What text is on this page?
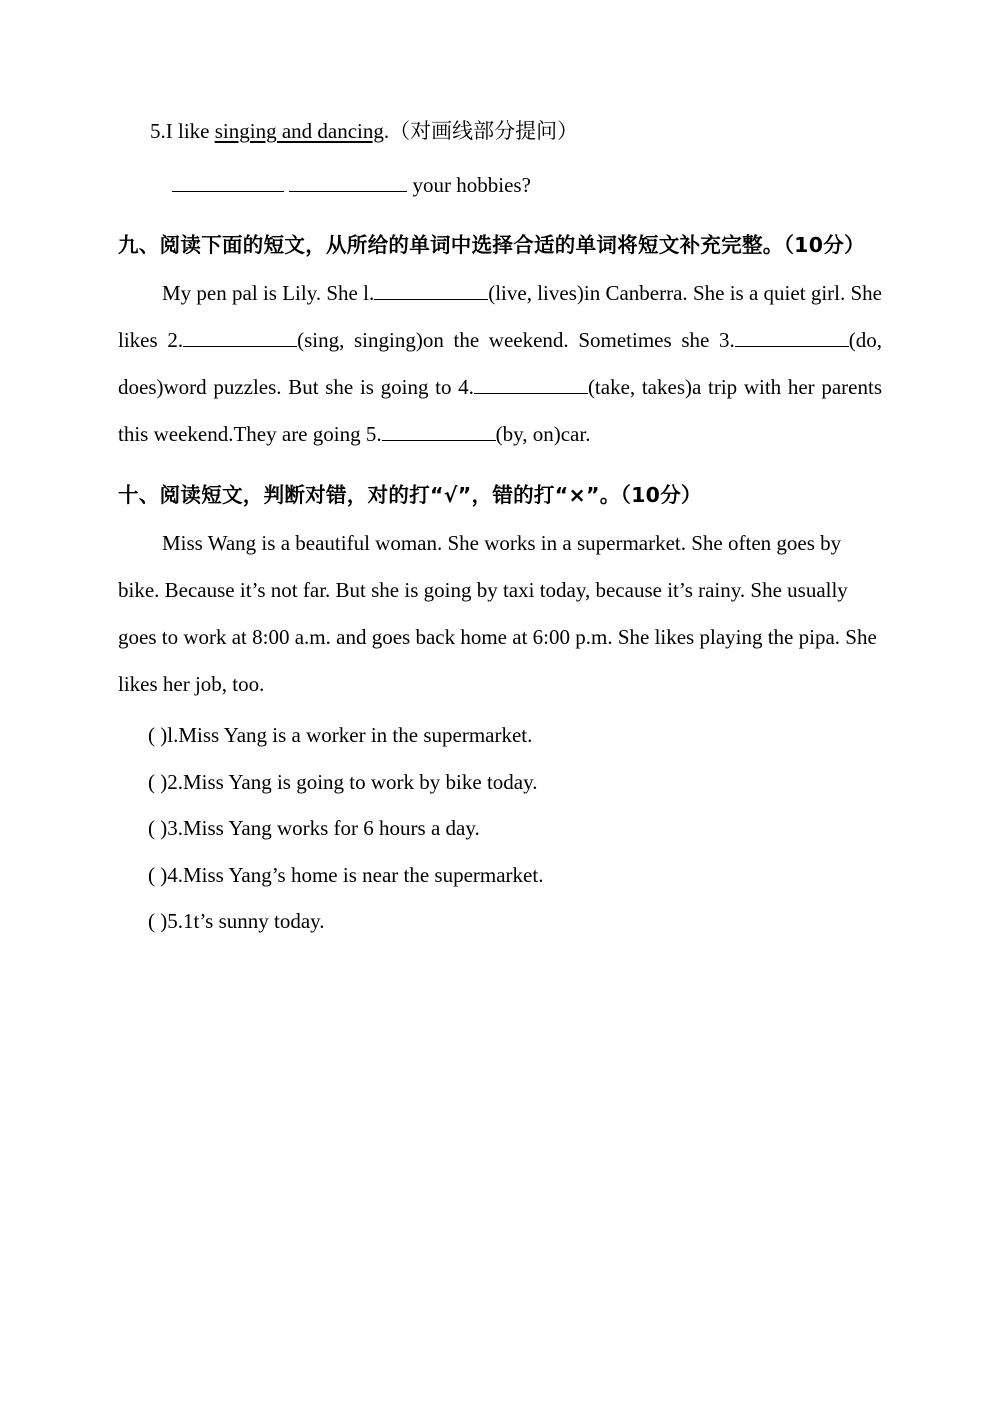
5.I like singing and dancing.（对画线部分提问）
your hobbies?
九、阅读下面的短文，从所给的单词中选择合适的单词将短文补充完整。（10分）

My pen pal is Lily. She l.	(live, lives)in Canberra. She is a quiet girl. She likes 2.	(sing, singing)on the weekend. Sometimes she 3.	(do, does)word puzzles. But she is going to 4.	(take, takes)a trip with her parents this weekend.They are going 5.	(by, on)car.

十、阅读短文，判断对错，对的打“√”，错的打“×”。（10分）

Miss Wang is a beautiful woman. She works in a supermarket. She often goes by bike. Because it’s not far. But she is going by taxi today, because it’s rainy. She usually goes to work at 8:00 a.m. and goes back home at 6:00 p.m. She likes playing the pipa. She likes her job, too.

( )l.Miss Yang is a worker in the supermarket.
( )2.Miss Yang is going to work by bike today.
( )3.Miss Yang works for 6 hours a day.
( )4.Miss Yang’s home is near the supermarket.
( )5.1t’s sunny today.
